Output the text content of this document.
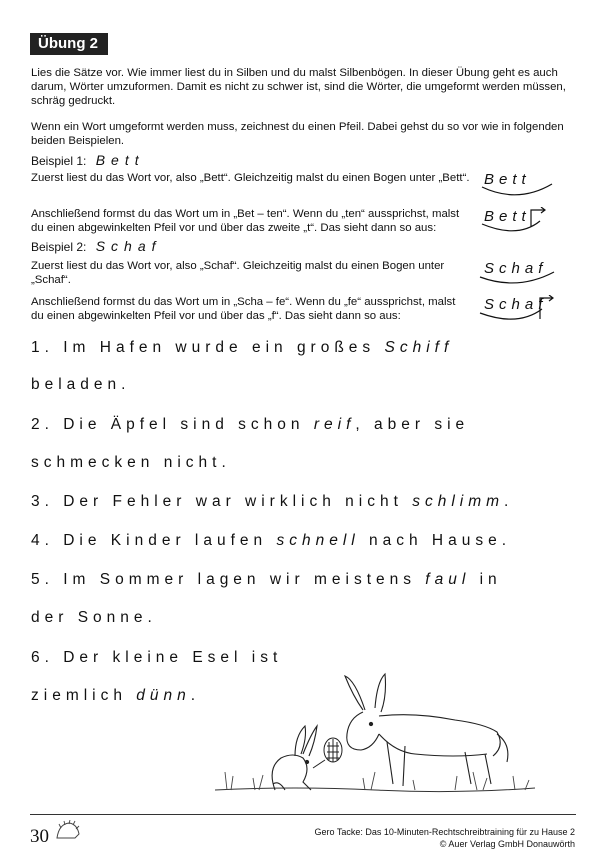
Übung 2
Lies die Sätze vor. Wie immer liest du in Silben und du malst Silbenbögen. In dieser Übung geht es auch darum, Wörter umzuformen. Damit es nicht zu schwer ist, sind die Wörter, die umgeformt werden müssen, schräg gedruckt.
Wenn ein Wort umgeformt werden muss, zeichnest du einen Pfeil. Dabei gehst du so vor wie in folgenden beiden Beispielen.
Beispiel 1: Bett
Zuerst liest du das Wort vor, also „Bett“. Gleichzeitig malst du einen Bogen unter „Bett“. Bett
Anschließend formst du das Wort um in „Bet – ten“. Wenn du „ten“ aussprichst, malst du einen abgewinkelten Pfeil vor und über das zweite „t“. Das sieht dann so aus:
Bett
Beispiel 2: Schaf
Zuerst liest du das Wort vor, also „Schaf“. Gleichzeitig malst du einen Bogen unter „Schaf“.
Schaf
Anschließend formst du das Wort um in „Scha – fe“. Wenn du „fe“ aussprichst, malst du einen abgewinkelten Pfeil vor und über das „f“. Das sieht dann so aus:
Schaf
1. Im Hafen wurde ein großes Schiff
beladen.
2. Die Äpfel sind schon reif, aber sie
schmecken nicht.
3. Der Fehler war wirklich nicht schlimm.
4. Die Kinder laufen schnell nach Hause.
5. Im Sommer lagen wir meistens faul in
der Sonne.
6. Der kleine Esel ist
ziemlich dünn.
30	Gero Tacke: Das 10-Minuten-Rechtschreibtraining für zu Hause 2
© Auer Verlag GmbH Donauwörth
